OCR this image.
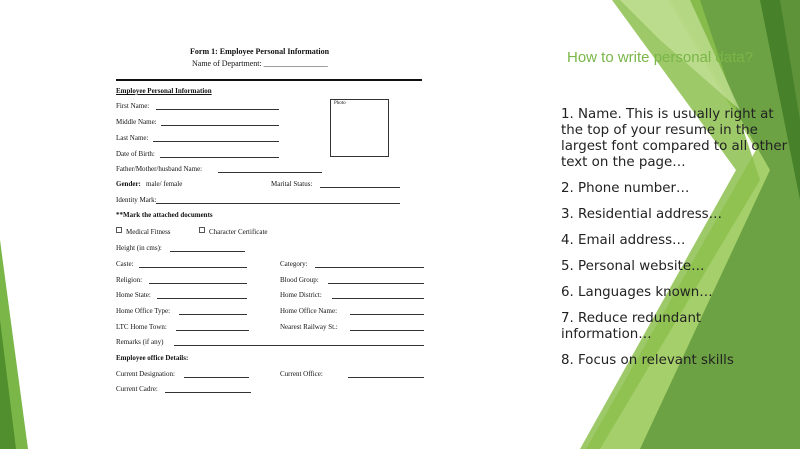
Form 1: Employee Personal Information
Name of Department: ________________
Employee Personal Information
First Name:
Middle Name:
Last Name:
Date of Birth:
Father/Mother/husband Name:
Photo
Gender: male/ female	Marital Status:
Identity Mark:
**Mark the attached documents
Medical Fitness	Character Certificate
Height (in cms):
Caste:	Category:
Religion:	Blood Group:
Home State:	Home District:
Home Office Type:	Home Office Name:
LTC Home Town:	Nearest Railway St.:
Remarks (if any)
Employee office Details:
Current Designation:	Current Office:
Current Cadre:
How to write personal data?
1. Name. This is usually right at the top of your resume in the largest font compared to all other text on the page…
2. Phone number…
3. Residential address…
4. Email address…
5. Personal website…
6. Languages known…
7. Reduce redundant information…
8. Focus on relevant skills
